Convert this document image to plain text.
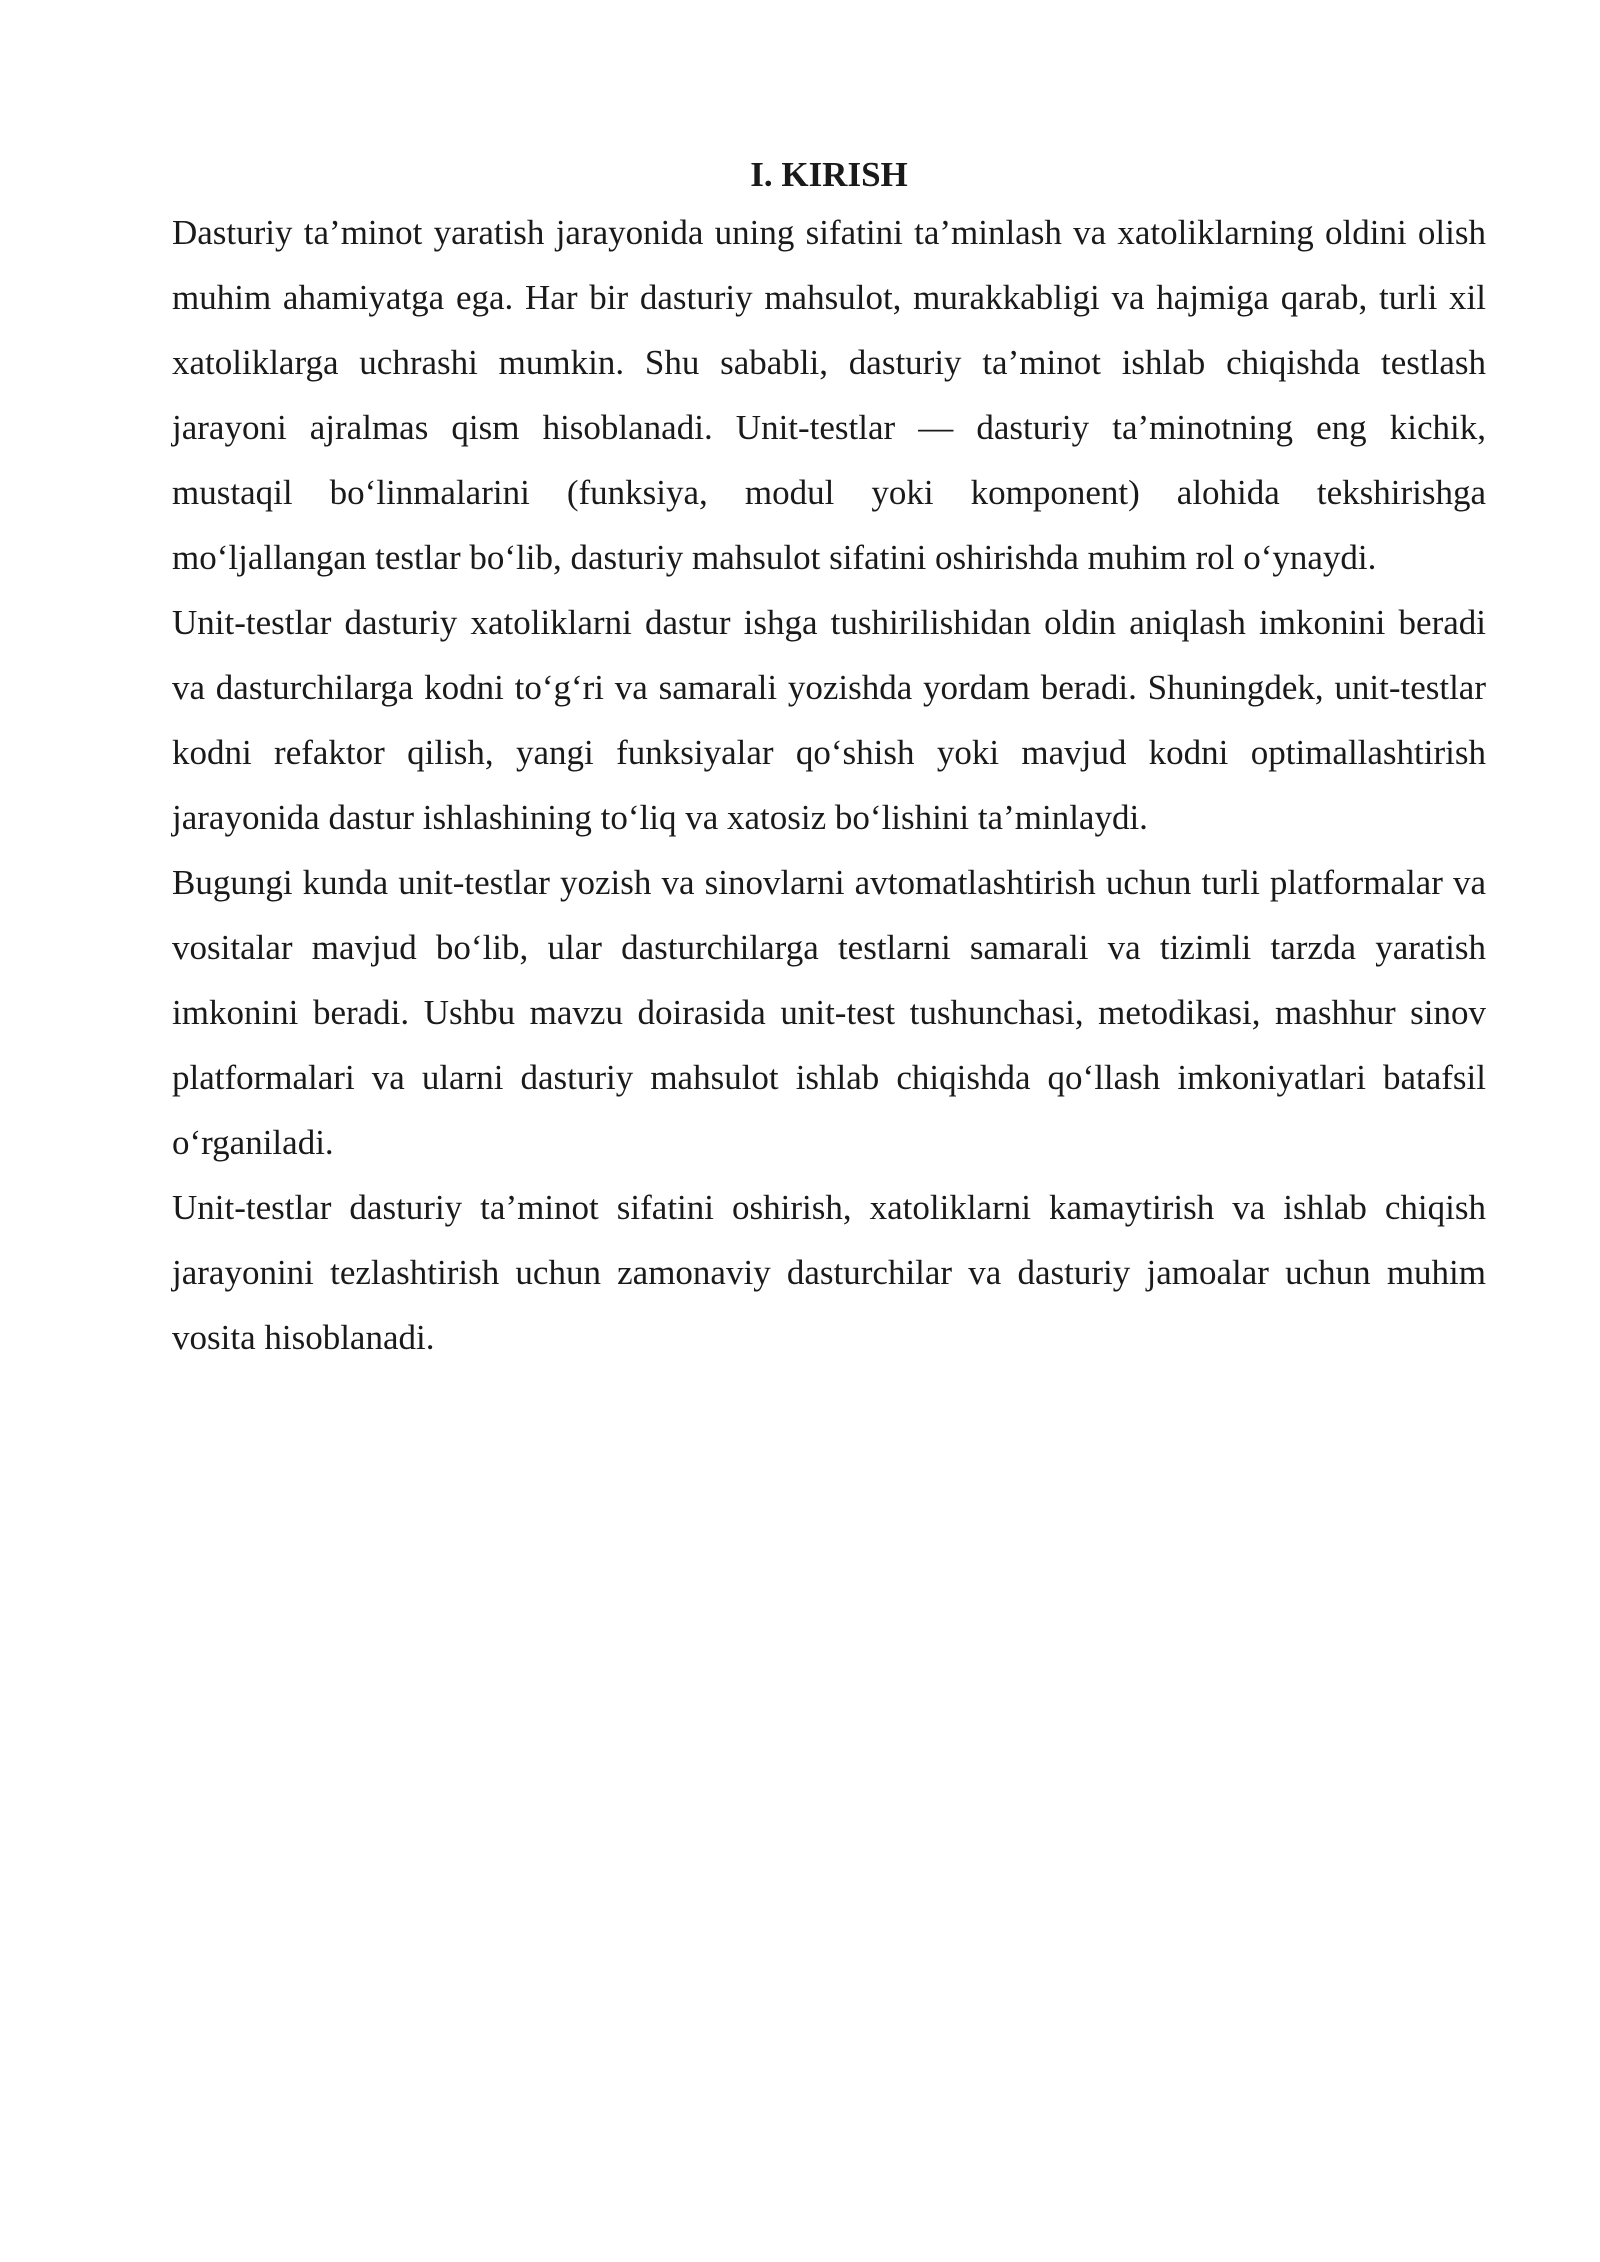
I. KIRISH

Dasturiy ta’minot yaratish jarayonida uning sifatini ta’minlash va xatoliklarning oldini olish muhim ahamiyatga ega. Har bir dasturiy mahsulot, murakkabligi va hajmiga qarab, turli xil xatoliklarga uchrashi mumkin. Shu sababli, dasturiy ta’minot ishlab chiqishda testlash jarayoni ajralmas qism hisoblanadi. Unit-testlar — dasturiy ta’minotning eng kichik, mustaqil bo‘linmalarini (funksiya, modul yoki komponent) alohida tekshirishga mo‘ljallangan testlar bo‘lib, dasturiy mahsulot sifatini oshirishda muhim rol o‘ynaydi.

Unit-testlar dasturiy xatoliklarni dastur ishga tushirilishidan oldin aniqlash imkonini beradi va dasturchilarga kodni to‘g‘ri va samarali yozishda yordam beradi. Shuningdek, unit-testlar kodni refaktor qilish, yangi funksiyalar qo‘shish yoki mavjud kodni optimallashtirish jarayonida dastur ishlashining to‘liq va xatosiz bo‘lishini ta’minlaydi.

Bugungi kunda unit-testlar yozish va sinovlarni avtomatlashtirish uchun turli platformalar va vositalar mavjud bo‘lib, ular dasturchilarga testlarni samarali va tizimli tarzda yaratish imkonini beradi. Ushbu mavzu doirasida unit-test tushunchasi, metodikasi, mashhur sinov platformalari va ularni dasturiy mahsulot ishlab chiqishda qo‘llash imkoniyatlari batafsil o‘rganiladi.

Unit-testlar dasturiy ta’minot sifatini oshirish, xatoliklarni kamaytirish va ishlab chiqish jarayonini tezlashtirish uchun zamonaviy dasturchilar va dasturiy jamoalar uchun muhim vosita hisoblanadi.
